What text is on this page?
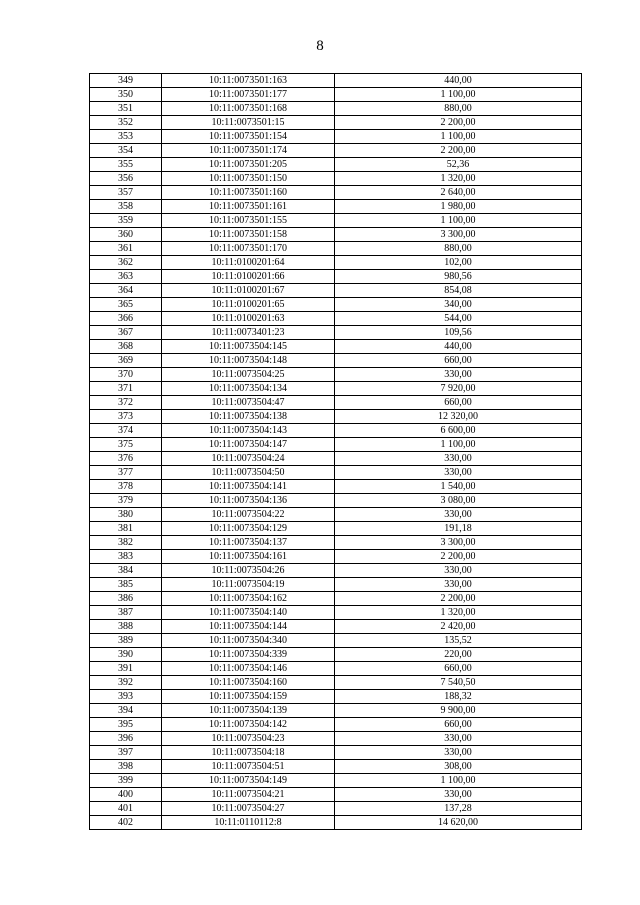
8
349	10:11:0073501:163	440,00
350	10:11:0073501:177	1 100,00
351	10:11:0073501:168	880,00
352	10:11:0073501:15	2 200,00
353	10:11:0073501:154	1 100,00
354	10:11:0073501:174	2 200,00
355	10:11:0073501:205	52,36
356	10:11:0073501:150	1 320,00
357	10:11:0073501:160	2 640,00
358	10:11:0073501:161	1 980,00
359	10:11:0073501:155	1 100,00
360	10:11:0073501:158	3 300,00
361	10:11:0073501:170	880,00
362	10:11:0100201:64	102,00
363	10:11:0100201:66	980,56
364	10:11:0100201:67	854,08
365	10:11:0100201:65	340,00
366	10:11:0100201:63	544,00
367	10:11:0073401:23	109,56
368	10:11:0073504:145	440,00
369	10:11:0073504:148	660,00
370	10:11:0073504:25	330,00
371	10:11:0073504:134	7 920,00
372	10:11:0073504:47	660,00
373	10:11:0073504:138	12 320,00
374	10:11:0073504:143	6 600,00
375	10:11:0073504:147	1 100,00
376	10:11:0073504:24	330,00
377	10:11:0073504:50	330,00
378	10:11:0073504:141	1 540,00
379	10:11:0073504:136	3 080,00
380	10:11:0073504:22	330,00
381	10:11:0073504:129	191,18
382	10:11:0073504:137	3 300,00
383	10:11:0073504:161	2 200,00
384	10:11:0073504:26	330,00
385	10:11:0073504:19	330,00
386	10:11:0073504:162	2 200,00
387	10:11:0073504:140	1 320,00
388	10:11:0073504:144	2 420,00
389	10:11:0073504:340	135,52
390	10:11:0073504:339	220,00
391	10:11:0073504:146	660,00
392	10:11:0073504:160	7 540,50
393	10:11:0073504:159	188,32
394	10:11:0073504:139	9 900,00
395	10:11:0073504:142	660,00
396	10:11:0073504:23	330,00
397	10:11:0073504:18	330,00
398	10:11:0073504:51	308,00
399	10:11:0073504:149	1 100,00
400	10:11:0073504:21	330,00
401	10:11:0073504:27	137,28
402	10:11:0110112:8	14 620,00
